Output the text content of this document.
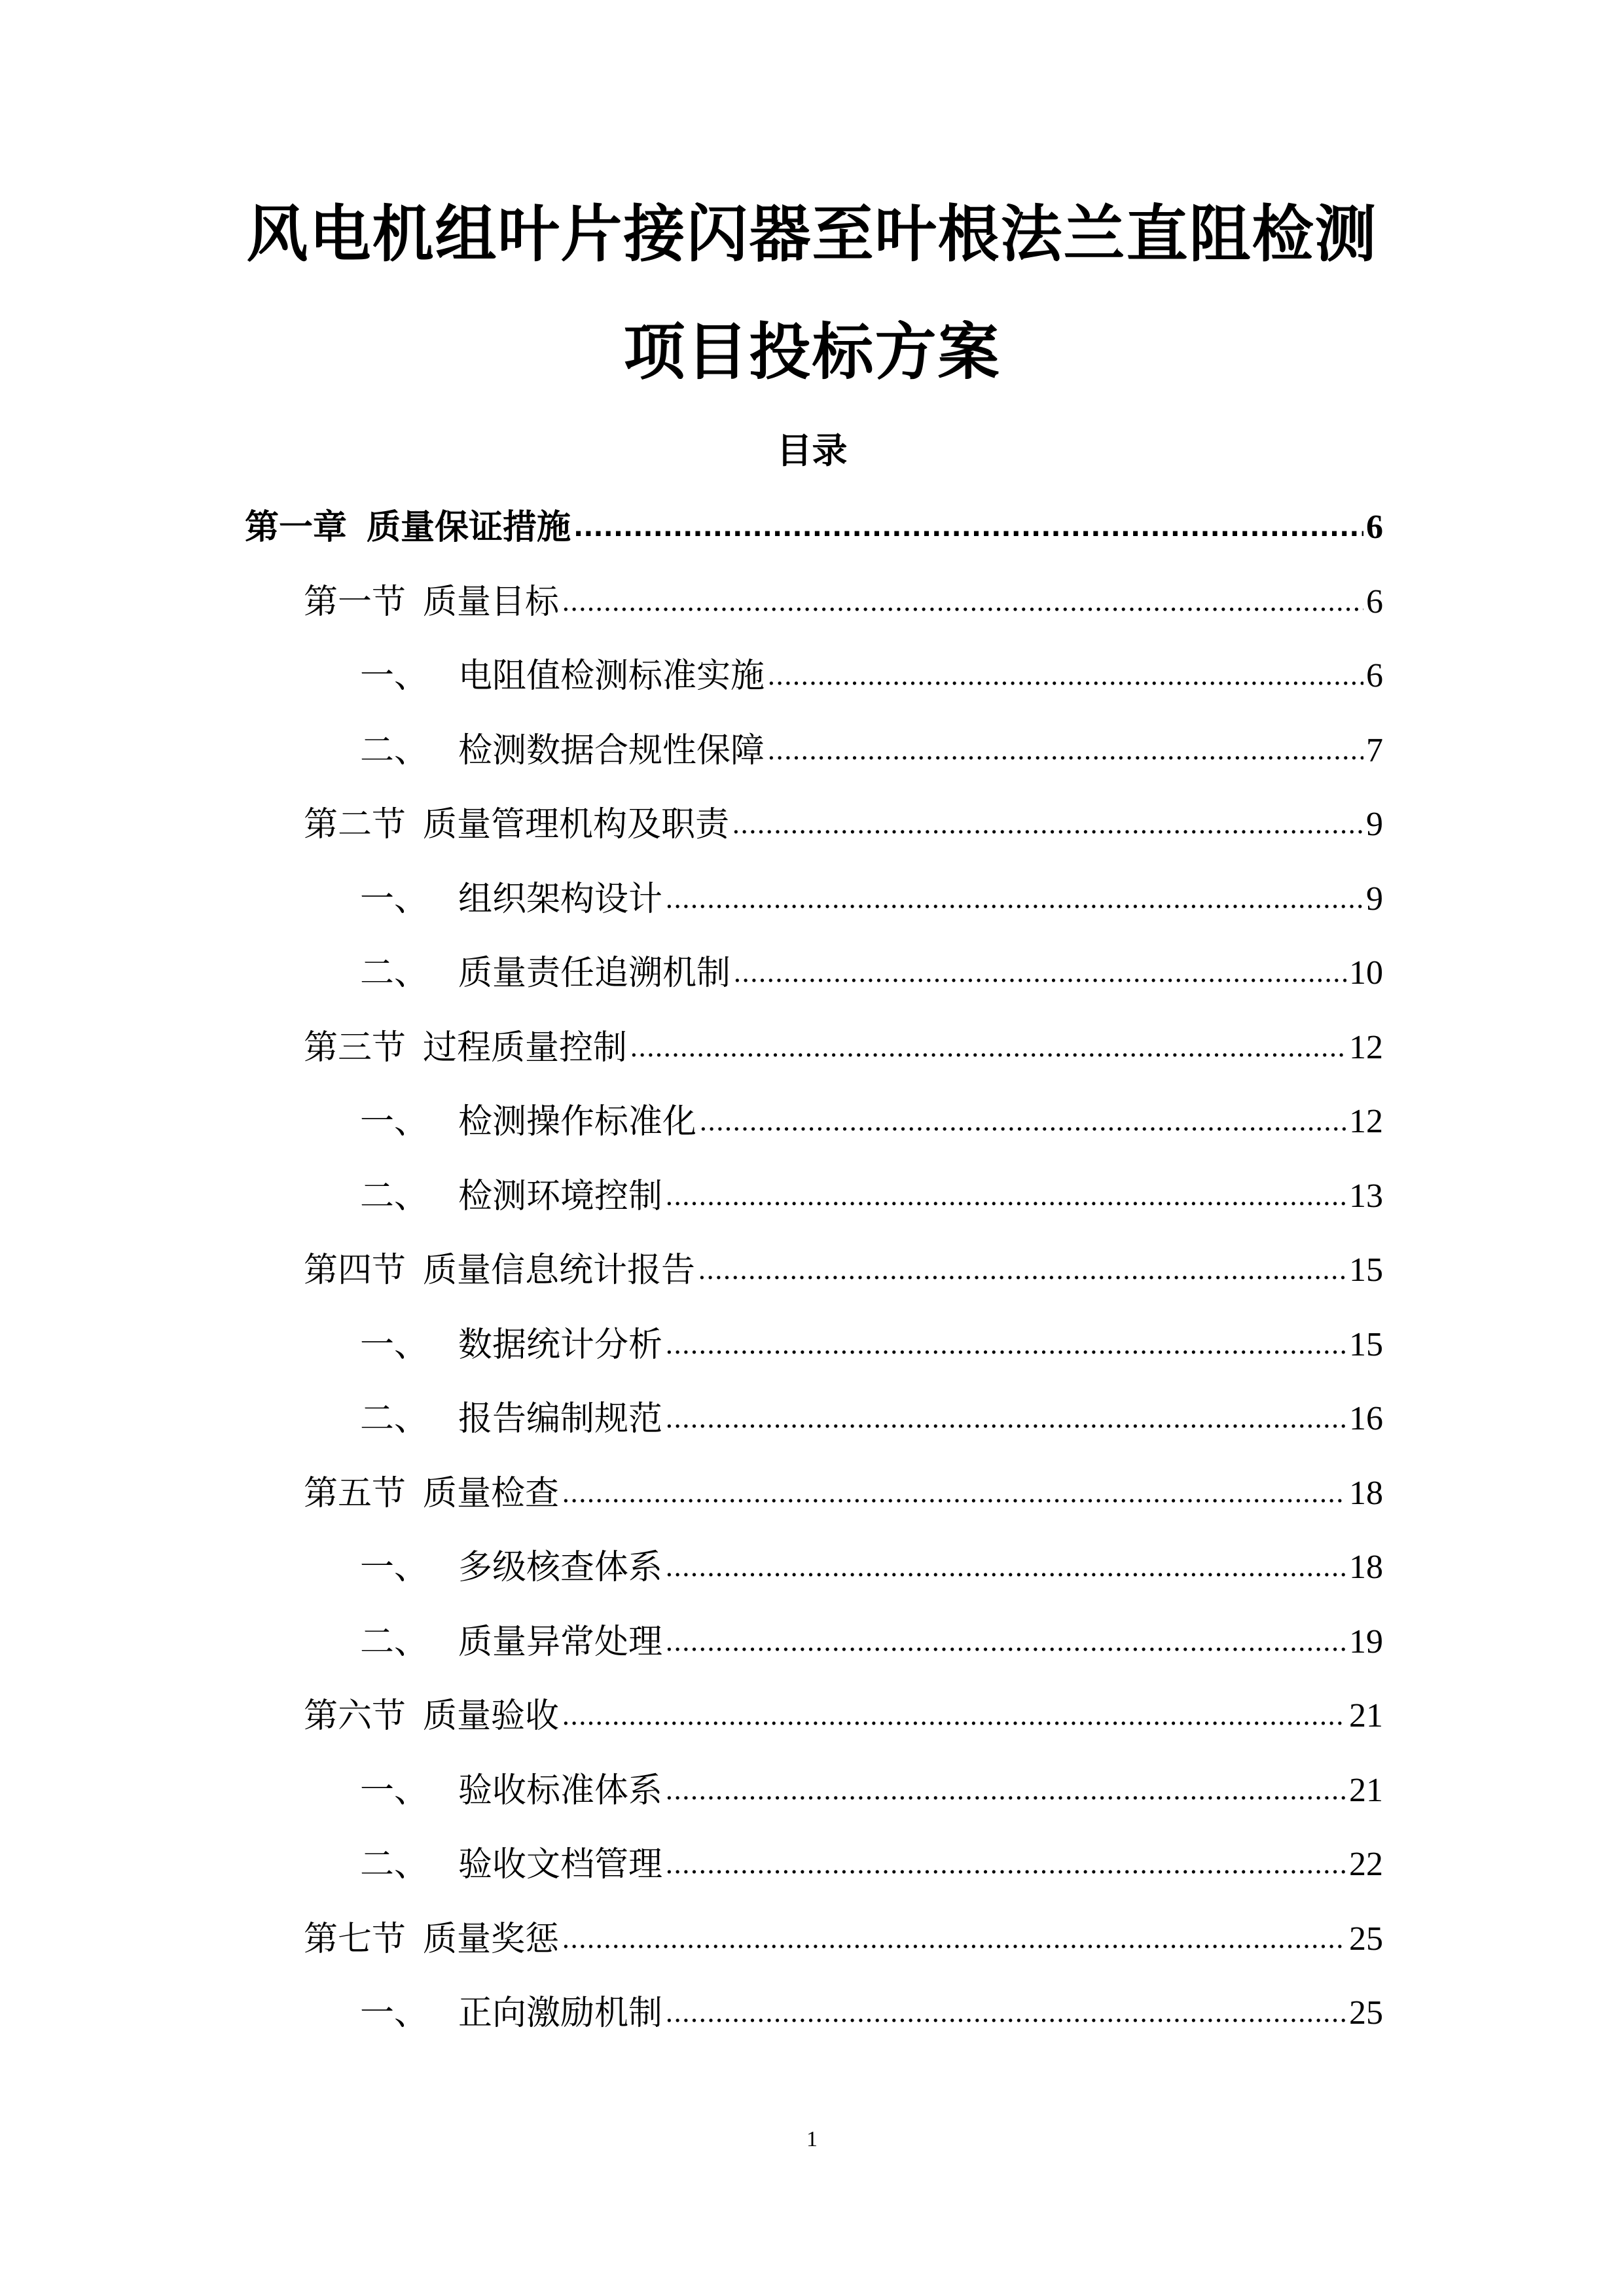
风电机组叶片接闪器至叶根法兰直阻检测
项目投标方案
目录
第一章 质量保证措施 .....	6
第一节 质量目标 .....	6
一、 电阻值检测标准实施 .....	6
二、 检测数据合规性保障 .....	7
第二节 质量管理机构及职责 .....	9
一、 组织架构设计 .....	9
二、 质量责任追溯机制 .....	10
第三节 过程质量控制 .....	12
一、 检测操作标准化 .....	12
二、 检测环境控制 .....	13
第四节 质量信息统计报告 .....	15
一、 数据统计分析 .....	15
二、 报告编制规范 .....	16
第五节 质量检查 .....	18
一、 多级核查体系 .....	18
二、 质量异常处理 .....	19
第六节 质量验收 .....	21
一、 验收标准体系 .....	21
二、 验收文档管理 .....	22
第七节 质量奖惩 .....	25
一、 正向激励机制 .....	25
1
